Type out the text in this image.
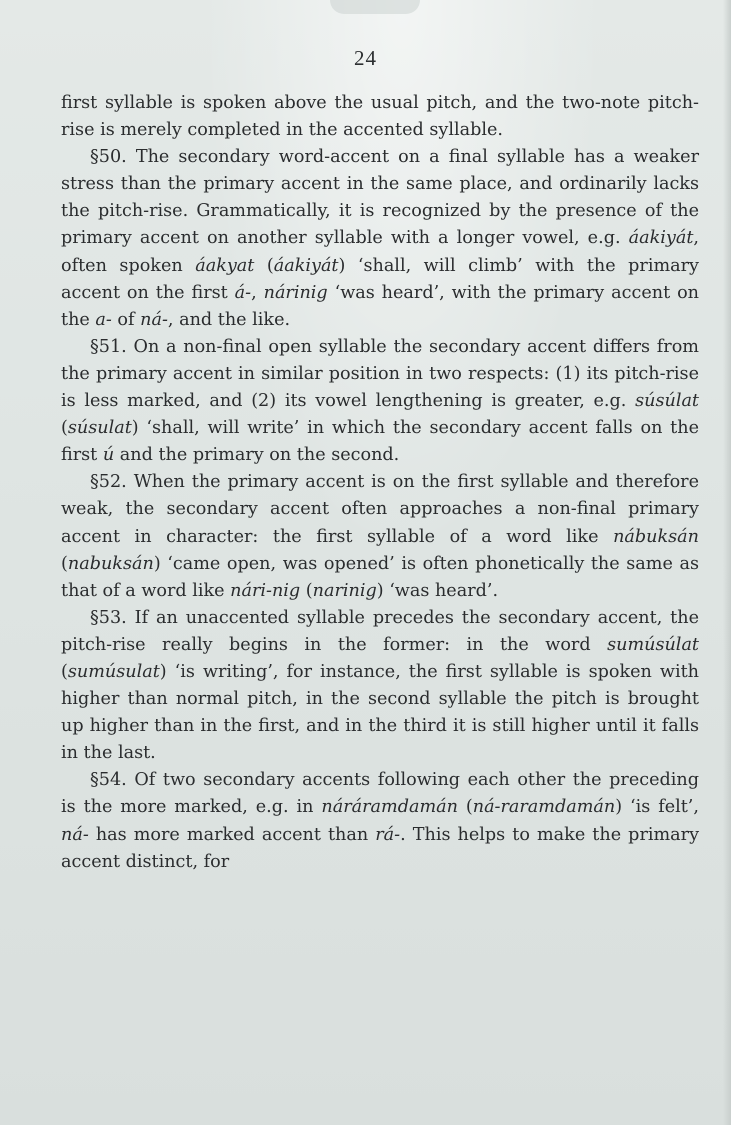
24

first syllable is spoken above the usual pitch, and the two-note pitch-rise is merely completed in the accented syllable.

§50. The secondary word-accent on a final syllable has a weaker stress than the primary accent in the same place, and ordinarily lacks the pitch-rise. Grammatically, it is recognized by the presence of the primary accent on another syllable with a longer vowel, e.g. áakiyát, often spoken áakyat (áakiyát) ‘shall, will climb’ with the primary accent on the first á-, nárinig ‘was heard’, with the primary accent on the a- of ná-, and the like.

§51. On a non-final open syllable the secondary accent differs from the primary accent in similar position in two respects: (1) its pitch-rise is less marked, and (2) its vowel lengthening is greater, e.g. súsúlat (súsulat) ‘shall, will write’ in which the secondary accent falls on the first ú and the primary on the second.

§52. When the primary accent is on the first syllable and therefore weak, the secondary accent often approaches a non-final primary accent in character: the first syllable of a word like nábuksán (nabuksán) ‘came open, was opened’ is often phonetically the same as that of a word like nári-nig (narinig) ‘was heard’.

§53. If an unaccented syllable precedes the secondary accent, the pitch-rise really begins in the former: in the word sumúsúlat (sumúsulat) ‘is writing’, for instance, the first syllable is spoken with higher than normal pitch, in the second syllable the pitch is brought up higher than in the first, and in the third it is still higher until it falls in the last.

§54. Of two secondary accents following each other the preceding is the more marked, e.g. in náráramdamán (ná-raramdamán) ‘is felt’, ná- has more marked accent than rá-. This helps to make the primary accent distinct, for
